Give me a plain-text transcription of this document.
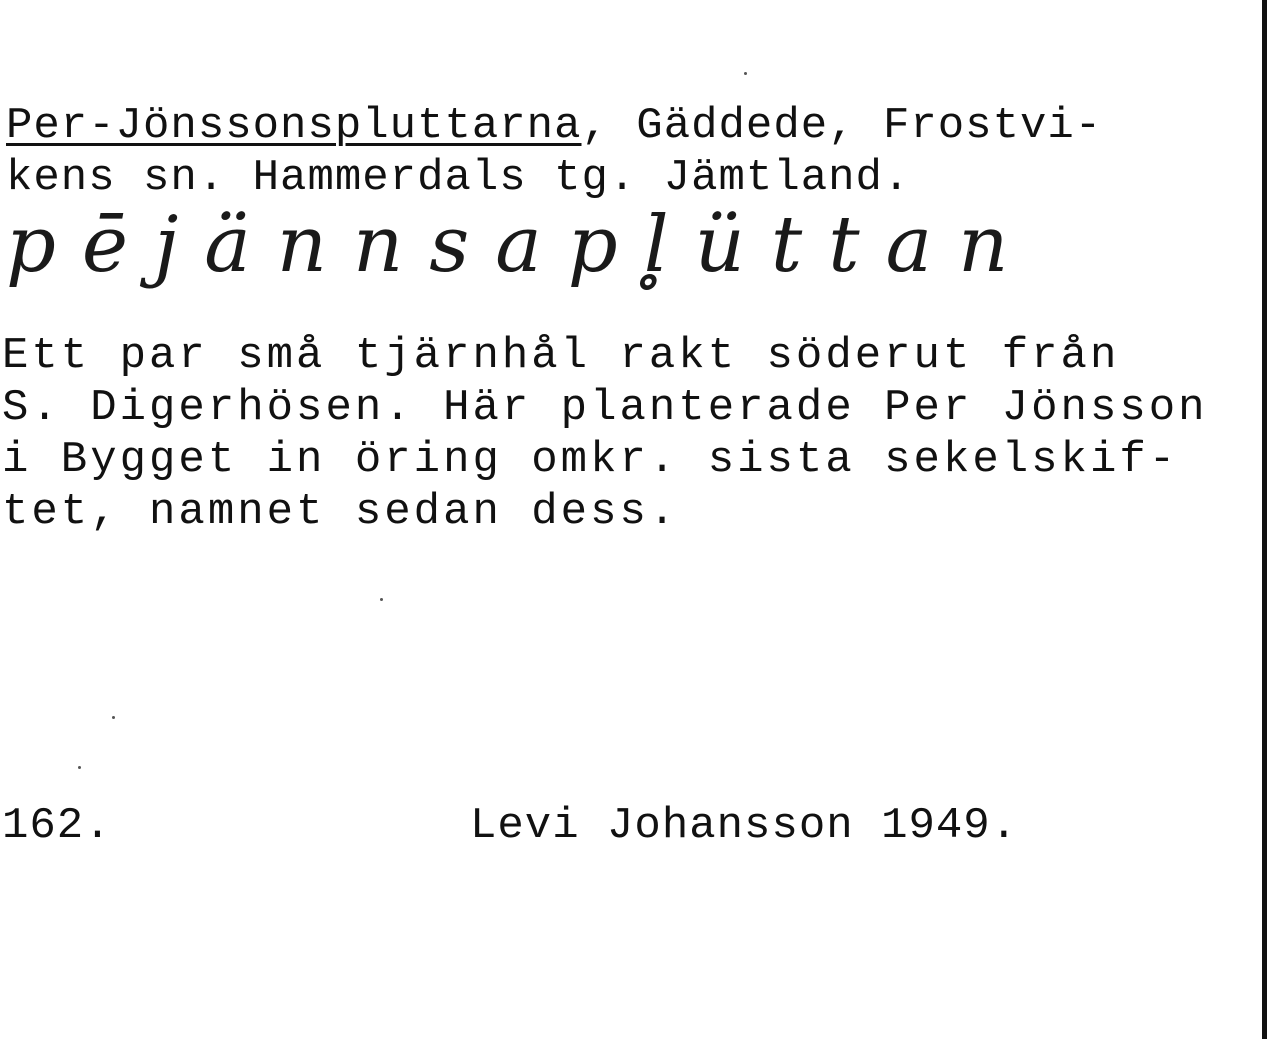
Per-Jönssonspluttarna, Gäddede, Frostvi-
kens sn. Hammerdals tg. Jämtland.
pējännsapl̥üttan
Ett par små tjärnhål rakt söderut från
S. Digerhösen. Här planterade Per Jönsson
i Bygget in öring omkr. sista sekelskif-
tet, namnet sedan dess.
162.	Levi Johansson 1949.
